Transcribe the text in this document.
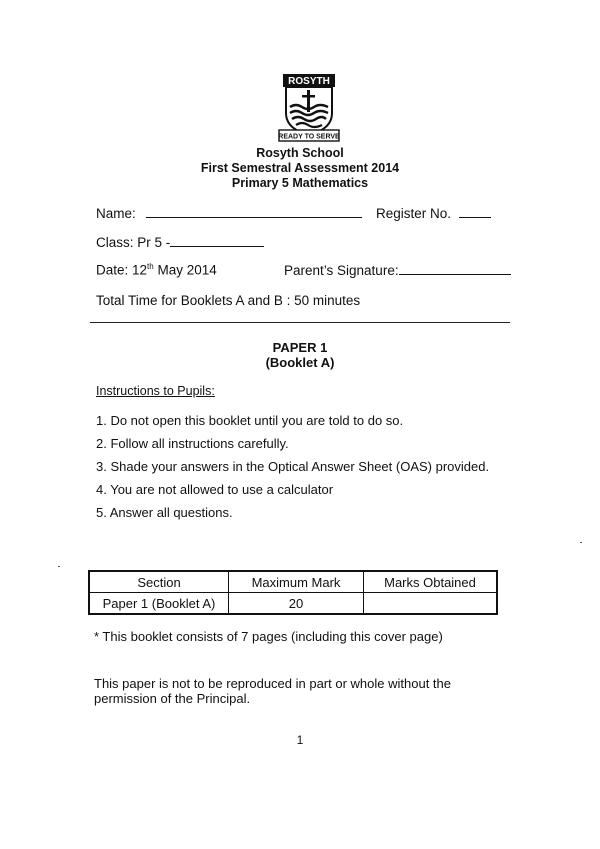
ROSYTH
READY TO SERVE
Rosyth School
First Semestral Assessment 2014
Primary 5 Mathematics
Name:	Register No.
Class: Pr 5 -
Date: 12th May 2014	Parent’s Signature:
Total Time for Booklets A and B : 50 minutes
PAPER 1
(Booklet A)
Instructions to Pupils:
1. Do not open this booklet until you are told to do so.
2. Follow all instructions carefully.
3. Shade your answers in the Optical Answer Sheet (OAS) provided.
4. You are not allowed to use a calculator
5. Answer all questions.
Section	Maximum Mark	Marks Obtained
Paper 1 (Booklet A)	20	
* This booklet consists of 7 pages (including this cover page)
This paper is not to be reproduced in part or whole without the permission of the Principal.
1
